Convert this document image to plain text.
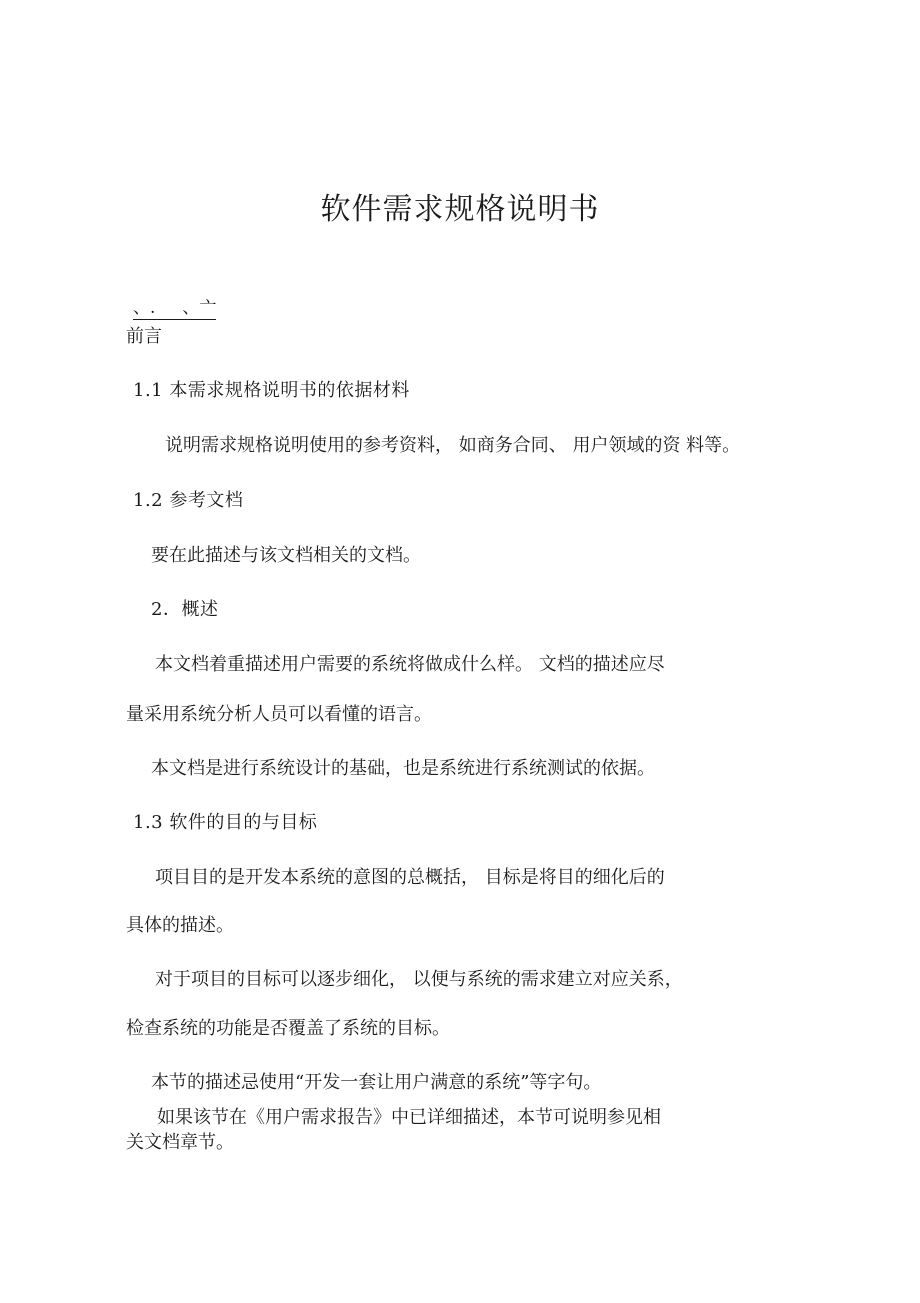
软件需求规格说明书
、.     、亠
前言
1.1 本需求规格说明书的依据材料
说明需求规格说明使用的参考资料， 如商务合同、 用户领域的资 料等。
1.2 参考文档
要在此描述与该文档相关的文档。
2．概述
本文档着重描述用户需要的系统将做成什么样。 文档的描述应尽
量采用系统分析人员可以看懂的语言。
本文档是进行系统设计的基础，也是系统进行系统测试的依据。
1.3 软件的目的与目标
项目目的是开发本系统的意图的总概括， 目标是将目的细化后的
具体的描述。
对于项目的目标可以逐步细化， 以便与系统的需求建立对应关系，
检查系统的功能是否覆盖了系统的目标。
本节的描述忌使用“开发一套让用户满意的系统”等字句。
如果该节在《用户需求报告》中已详细描述，本节可说明参见相
关文档章节。
